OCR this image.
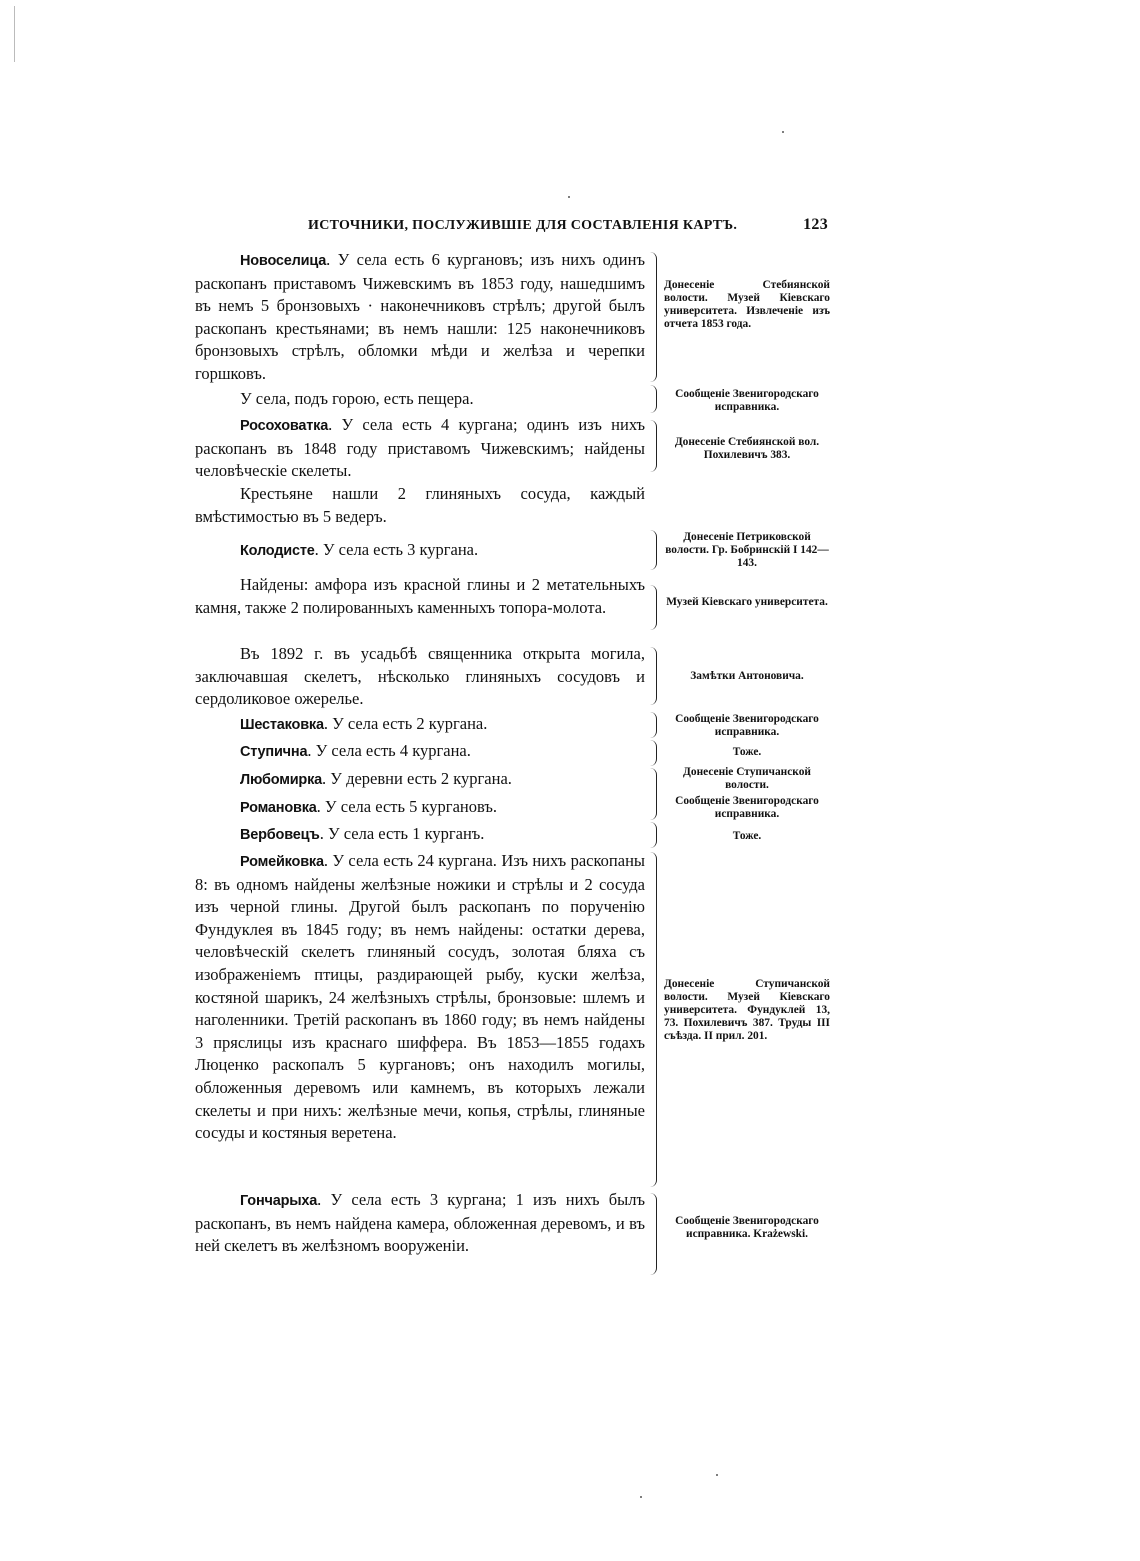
ИСТОЧНИКИ, ПОСЛУЖИВШІЕ ДЛЯ СОСТАВЛЕНІЯ КАРТЪ.	123
Новоселица. У села есть 6 кургановъ; изъ нихъ одинъ раскопанъ приставомъ Чижевскимъ въ 1853 году, нашедшимъ въ немъ 5 бронзовыхъ · наконечниковъ стрѣлъ; другой былъ раскопанъ крестьянами; въ немъ нашли: 125 наконечниковъ бронзовыхъ стрѣлъ, обломки мѣди и желѣза и черепки горшковъ.
У села, подъ горою, есть пещера.
Росоховатка. У села есть 4 кургана; одинъ изъ нихъ раскопанъ въ 1848 году приставомъ Чижевскимъ; найдены человѣческіе скелеты.
Крестьяне нашли 2 глиняныхъ сосуда, каждый вмѣстимостью въ 5 ведеръ.
Колодисте. У села есть 3 кургана.
Найдены: амфора изъ красной глины и 2 метательныхъ камня, также 2 полированныхъ каменныхъ топора-молота.
Въ 1892 г. въ усадьбѣ священника открыта могила, заключавшая скелетъ, нѣсколько глиняныхъ сосудовъ и сердоликовое ожерелье.
Шестаковка. У села есть 2 кургана.
Ступична. У села есть 4 кургана.
Любомирка. У деревни есть 2 кургана.
Романовка. У села есть 5 кургановъ.
Вербовецъ. У села есть 1 курганъ.
Ромейковка. У села есть 24 кургана. Изъ нихъ раскопаны 8: въ одномъ найдены желѣзные ножики и стрѣлы и 2 сосуда изъ черной глины. Другой былъ раскопанъ по порученію Фундуклея въ 1845 году; въ немъ найдены: остатки дерева, человѣческій скелетъ глиняный сосудъ, золотая бляха съ изображеніемъ птицы, раздирающей рыбу, куски желѣза, костяной шарикъ, 24 желѣзныхъ стрѣлы, бронзовые: шлемъ и наголенники. Третій раскопанъ въ 1860 году; въ немъ найдены 3 пряслицы изъ краснаго шиффера. Въ 1853—1855 годахъ Люценко раскопалъ 5 кургановъ; онъ находилъ могилы, обложенныя деревомъ или камнемъ, въ которыхъ лежали скелеты и при нихъ: желѣзные мечи, копья, стрѣлы, глиняные сосуды и костяныя веретена.
Гончарыха. У села есть 3 кургана; 1 изъ нихъ былъ раскопанъ, въ немъ найдена камера, обложенная деревомъ, и въ ней скелетъ въ желѣзномъ вооруженіи.
Донесеніе Стебиянской волости. Музей Кіевскаго университета. Извлеченіе изъ отчета 1853 года.
Сообщеніе Звенигородскаго исправника.
Донесеніе Стебиянской вол. Похилевичъ 383.
Донесеніе Петриковской волости. Гр. Бобринскій I 142—143.
Музей Кіевскаго университета.
Замѣтки Антоновича.
Сообщеніе Звенигородскаго исправника.
Тоже.
Донесеніе Ступичанской волости.
Сообщеніе Звенигородскаго исправника.
Тоже.
Донесеніе Ступичанской волости. Музей Кіевскаго университета. Фундуклей 13, 73. Похилевичъ 387. Труды III съѣзда. II прил. 201.
Сообщеніе Звенигородскаго исправника. Krażewski.
